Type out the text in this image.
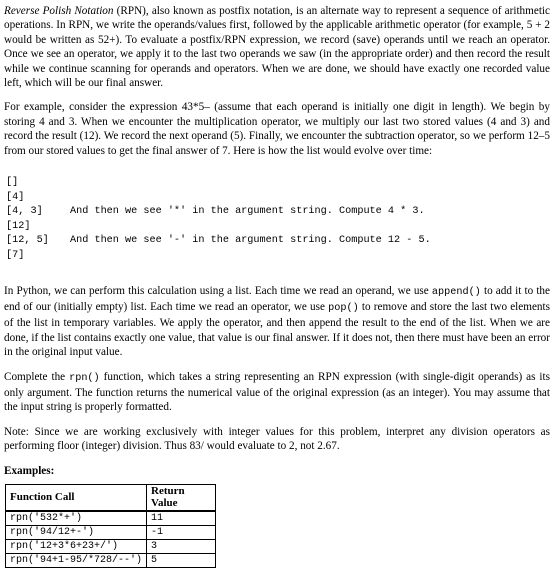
Reverse Polish Notation (RPN), also known as postfix notation, is an alternate way to represent a sequence of arithmetic operations. In RPN, we write the operands/values first, followed by the applicable arithmetic operator (for example, 5 + 2 would be written as 52+). To evaluate a postfix/RPN expression, we record (save) operands until we reach an operator. Once we see an operator, we apply it to the last two operands we saw (in the appropriate order) and then record the result while we continue scanning for operands and operators. When we are done, we should have exactly one recorded value left, which will be our final answer.

For example, consider the expression 43*5– (assume that each operand is initially one digit in length). We begin by storing 4 and 3. When we encounter the multiplication operator, we multiply our last two stored values (4 and 3) and record the result (12). We record the next operand (5). Finally, we encounter the subtraction operator, so we perform 12–5 from our stored values to get the final answer of 7. Here is how the list would evolve over time:

[]
[4]
[4, 3]	And then we see '*' in the argument string. Compute 4 * 3.
[12]
[12, 5]	And then we see '-' in the argument string. Compute 12 - 5.
[7]

In Python, we can perform this calculation using a list. Each time we read an operand, we use append() to add it to the end of our (initially empty) list. Each time we read an operator, we use pop() to remove and store the last two elements of the list in temporary variables. We apply the operator, and then append the result to the end of the list. When we are done, if the list contains exactly one value, that value is our final answer. If it does not, then there must have been an error in the original input value.

Complete the rpn() function, which takes a string representing an RPN expression (with single-digit operands) as its only argument. The function returns the numerical value of the original expression (as an integer). You may assume that the input string is properly formatted.

Note: Since we are working exclusively with integer values for this problem, interpret any division operators as performing floor (integer) division. Thus 83/ would evaluate to 2, not 2.67.

Examples:
Function Call	Return Value
rpn('532*+')	11
rpn('94/12+-')	-1
rpn('12+3*6+23+/')	3
rpn('94+1-95/*728/--')	5
